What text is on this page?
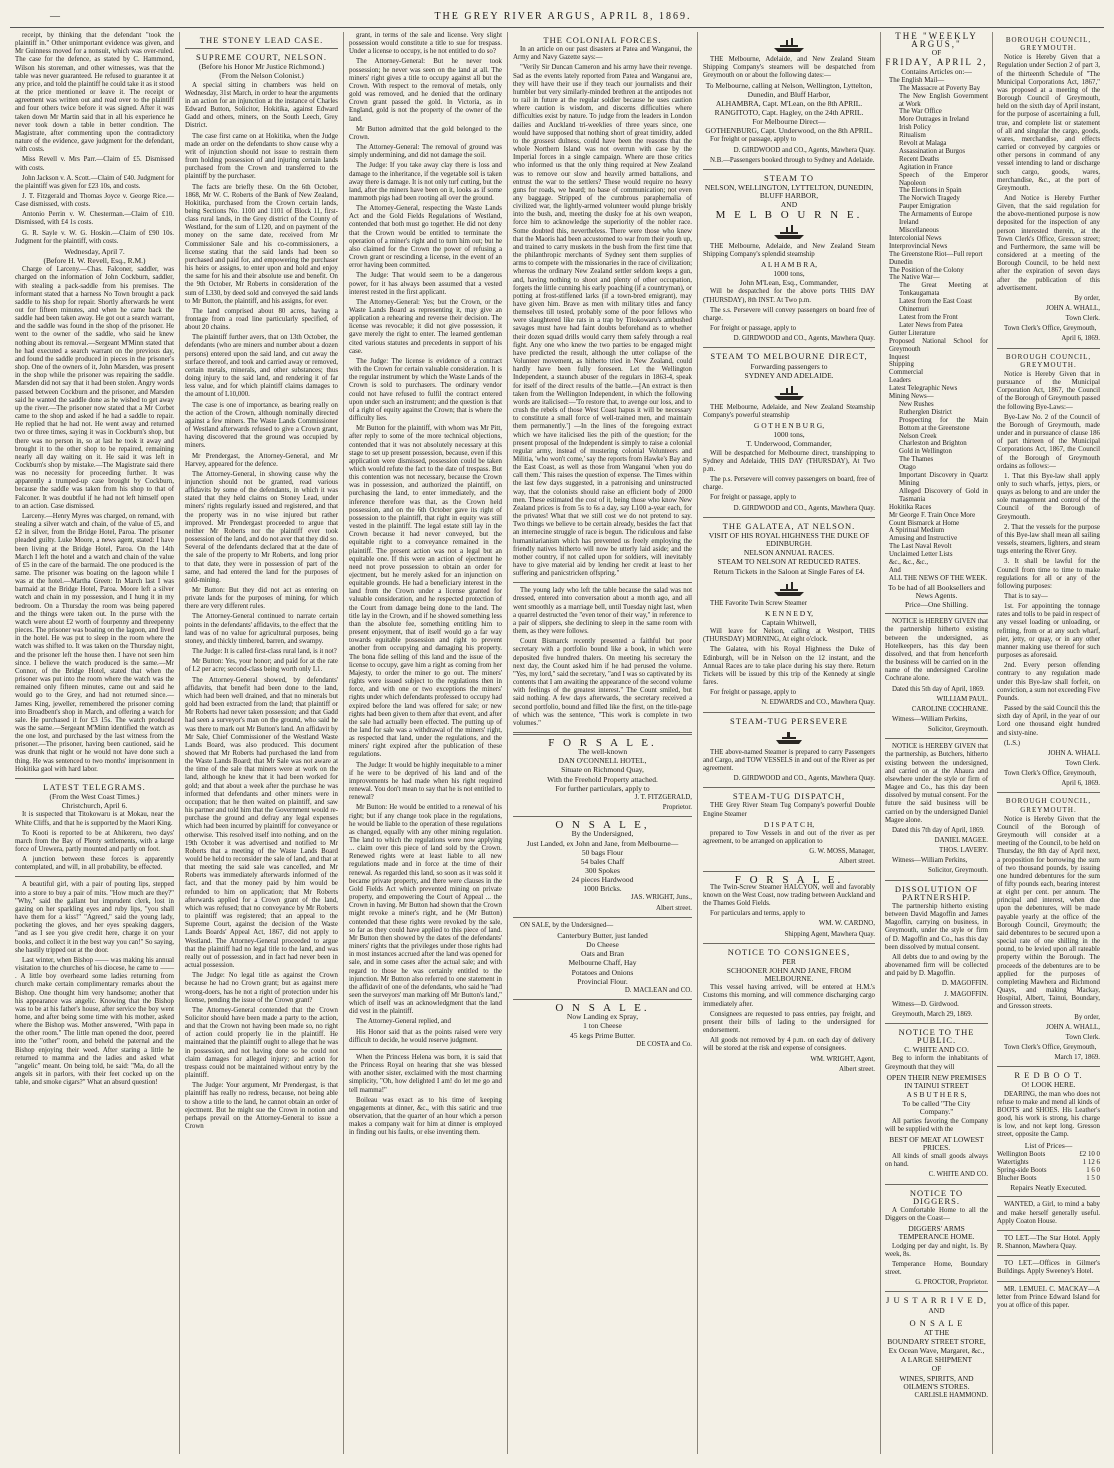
—	THE GREY RIVER ARGUS, APRIL 8, 1869.

receipt, by thinking that the defendant "took the plaintiff in." Other unimportant evidence was given, and Mr Guinness moved for a nonsuit, which was over-ruled. The case for the defence, as stated by C. Hammond, Wilson his storeman, and other witnesses, was that the table was never guaranteed. He refused to guarantee it at any price, and told the plaintiff he could take it as it stood at the price mentioned or leave it. The receipt or agreement was written out and read over to the plaintiff and four others twice before it was signed. After it was taken down Mr Martin said that in all his experience he never took down a table in better condition. The Magistrate, after commenting upon the contradictory nature of the evidence, gave judgment for the defendant, with costs.

Miss Revell v. Mrs Parr.—Claim of £5. Dismissed with costs.

John Jackson v. A. Scott.—Claim of £40. Judgment for the plaintiff was given for £23 10s, and costs.

J. T. Fitzgerald and Thomas Joyce v. George Rice.—Case dismissed, with costs.

Antonio Perrin v. W. Chesterman.—Claim of £10. Dismissed, with £4 1s costs.

G. R. Sayle v. W. G. Hoskin.—Claim of £90 10s. Judgment for the plaintiff, with costs.

Wednesday, April 7.
(Before H. W. Revell, Esq., R.M.)

Charge of Larceny.—Chas. Falconer, saddler, was charged on the information of John Cockburn, saddler, with stealing a pack-saddle from his premises. The informant stated that a harness No Town brought a pack saddle to his shop for repair. Shortly afterwards he went out for fifteen minutes, and when he came back the saddle had been taken away. He got out a search warrant, and the saddle was found in the shop of the prisoner. He went to the owner of the saddle, who said he knew nothing about its removal.—Sergeant M'Minn stated that he had executed a search warrant on the previous day, and found the saddle produced in pieces in the prisoner's shop. One of the owners of it, John Marsden, was present in the shop while the prisoner was repairing the saddle. Marsden did not say that it had been stolen. Angry words passed between Cockburn and the prisoner, and Marsden said he wanted the saddle done as he wished to get away up the river.—The prisoner now stated that a Mr Corbet came to the shop and asked if he had a saddle to repair. He replied that he had not. He went away and returned two or three times, saying it was in Cockburn's shop, but there was no person in, so at last he took it away and brought it to the other shop to be repaired, remaining nearly all day waiting on it. He said it was left in Cockburn's shop by mistake.—The Magistrate said there was no necessity for proceeding further. It was apparently a trumped-up case brought by Cockburn, because the saddle was taken from his shop to that of Falconer. It was doubtful if he had not left himself open to an action. Case dismissed.

Larceny.—Henry Myres was charged, on remand, with stealing a silver watch and chain, of the value of £5, and £2 in silver, from the Bridge Hotel, Paroa. The prisoner pleaded guilty. Luke Moore, a news agent, stated: I have been living at the Bridge Hotel, Paroa. On the 14th March I left the hotel and a watch and chain of the value of £5 in the care of the barmaid. The one produced is the same. The prisoner was boating on the lagoon while I was at the hotel.—Martha Green: In March last I was barmaid at the Bridge Hotel, Paroa. Moore left a silver watch and chain in my possession, and I hung it in my bedroom. On a Thursday the room was being papered and the things were taken out. In the purse with the watch were about £2 worth of fourpenny and threepenny pieces. The prisoner was boating on the lagoon, and lived in the hotel. He was put to sleep in the room where the watch was shifted to. It was taken on the Thursday night, and the prisoner left the house then. I have not seen him since. I believe the watch produced is the same.—Mr Connor, of the Bridge Hotel, stated that when the prisoner was put into the room where the watch was the remained only fifteen minutes, came out and said he would go to the Grey, and had not returned since.—James King, jeweller, remembered the prisoner coming into Broadbent's shop in March, and offering a watch for sale. He purchased it for £3 15s. The watch produced was the same.—Sergeant M'Minn identified the watch as the one lost, and purchased by the last witness from the prisoner.—The prisoner, having been cautioned, said he was drunk that night or he would not have done such a thing. He was sentenced to two months' imprisonment in Hokitika gaol with hard labor.

LATEST TELEGRAMS.
(From the West Coast Times.)
Christchurch, April 6.

It is suspected that Titokowaru is at Mokau, near the White Cliffs, and that he is supported by the Maori King.

To Kooti is reported to be at Ahikereru, two days' march from the Bay of Plenty settlements, with a large force of Urewera, partly mounted and partly on foot.

A junction between these forces is apparently contemplated, and will, in all probability, be effected.

A beautiful girl, with a pair of pouting lips, stepped into a store to buy a pair of mits. "How much are they?" "Why," said the gallant but imprudent clerk, lost in gazing on her sparkling eyes and ruby lips, "you shall have them for a kiss!" "Agreed," said the young lady, pocketing the gloves, and her eyes speaking daggers, "and as I see you give credit here, charge it on your books, and collect it in the best way you can!" So saying, she hastily tripped out at the door.

Last winter, when Bishop —— was making his annual visitation to the churches of his diocese, he came to —— . A little boy overheard some ladies returning from church make certain complimentary remarks about the Bishop. One thought him very handsome; another that his appearance was angelic. Knowing that the Bishop was to be at his father's house, after service the boy went home, and after being some time with his mother, asked where the Bishop was. Mother answered, "With papa in the other room." The little man opened the door, peered into the "other" room, and beheld the paternal and the Bishop enjoying their weed. After staring a little he returned to mamma and the ladies and asked what "angelic" meant. On being told, he said: "Ma, do all the angels sit in parlors, with their feet cocked up on the table, and smoke cigars?" What an absurd question!

THE STONEY LEAD CASE.
SUPREME COURT, NELSON.
(Before his Honor Mr Justice Richmond.)
(From the Nelson Colonist.)

A special sitting in chambers was held on Wednesday, 31st March, in order to hear the arguments in an action for an injunction at the instance of Charles Edward Button, Solicitor, Hokitika, against Edward Gadd and others, miners, on the South Leech, Grey District.

The case first came on at Hokitika, when the Judge made an order on the defendants to show cause why a writ of injunction should not issue to restrain them from holding possession of and injuring certain lands purchased from the Crown and transferred to the plaintiff by the purchaser.

The facts are briefly these. On the 6th October, 1868, Mr W. C. Roberts of the Bank of New Zealand, Hokitika, purchased from the Crown certain lands, being Sections No. 1100 and 1101 of Block 11, first-class rural lands, in the Grey district of the County of Westland, for the sum of L120, and on payment of the money on the same date, received from Mr Commissioner Sale and his co-commissioners, a license stating that the said lands had been so purchased and paid for, and empowering the purchaser his heirs or assigns, to enter upon and hold and enjoy the same for his and their absolute use and benefit. On the 9th October, Mr Roberts in consideration of the sum of L330, by deed sold and conveyed the said lands to Mr Button, the plaintiff, and his assigns, for ever.

The land comprised about 80 acres, having a frontage from a road line particularly specified, of about 20 chains.

The plaintiff further avers, that on 13th October, the defendants (who are miners and number about a dozen persons) entered upon the said land, and cut away the surface thereof, and took and carried away or removed, certain metals, minerals, and other substances; thus doing injury to the said land, and rendering it of far less value, and for which plaintiff claims damages to the amount of L10,000.

The case is one of importance, as bearing really on the action of the Crown, although nominally directed against a few miners. The Waste Lands Commissioner of Westland afterwards refused to give a Crown grant, having discovered that the ground was occupied by miners.

Mr Prendergast, the Attorney-General, and Mr Harvey, appeared for the defence.

The Attorney-General, in showing cause why the injunction should not be granted, read various affidavits by some of the defendants, in which it was stated that they held claims on Stoney Lead, under miners' rights regularly issued and registered, and that the property was in no wise injured but rather improved. Mr Prendergast proceeded to argue that neither Mr Roberts nor the plaintiff ever took possession of the land, and do not aver that they did so. Several of the defendants declared that at the date of the sale of the property to Mr Roberts, and long prior to that date, they were in possession of part of the same, and had entered the land for the purposes of gold-mining.

Mr Button: But they did not act as entering on private lands for the purposes of mining, for which there are very different rules.

The Attorney-General continued to narrate certain points in the defendants' affidavits, to the effect that the land was of no value for agricultural purposes, being stoney, and thickly timbered, barren, and swampy.

The Judge: It is called first-class rural land, is it not?

Mr Button: Yes, your honor; and paid for at the rate of L2 per acre; second-class being worth only L1.

The Attorney-General showed, by defendants' affidavits, that benefit had been done to the land, which had been well drained, and that no minerals but gold had been extracted from the land; that plaintiff or Mr Roberts had never taken possession; and that Gadd had seen a surveyor's man on the ground, who said he was there to mark out Mr Button's land. An affidavit by Mr Sale, Chief Commissioner of the Westland Waste Lands Board, was also produced. This document showed that Mr Roberts had purchased the land from the Waste Lands Board; that Mr Sale was not aware at the time of the sale that miners were at work on the land, although he knew that it had been worked for gold; and that about a week after the purchase he was informed that defendants and other miners were in occupation; that he then waited on plaintiff, and saw his partner and told him that the Government would re-purchase the ground and defray any legal expenses which had been incurred by plaintiff for conveyance or otherwise. This resolved itself into nothing, and on the 19th October it was advertised and notified to Mr Roberts that a meeting of the Waste Lands Board would be held to reconsider the sale of land, and that at that meeting the said sale was cancelled, and Mr Roberts was immediately afterwards informed of the fact, and that the money paid by him would be refunded to him on application; that Mr Roberts afterwards applied for a Crown grant of the land, which was refused; that no conveyance by Mr Roberts to plaintiff was registered; that an appeal to the Supreme Court, against the decision of the Waste Lands Boards' Appeal Act, 1867, did not apply to Westland. The Attorney-General proceeded to argue that the plaintiff had no legal title to the land, and was really out of possession, and in fact had never been in actual possession.

The Judge: No legal title as against the Crown because he had no Crown grant; but as against mere wrong-doers, has he not a right of protection under his license, pending the issue of the Crown grant?

The Attorney-General contended that the Crown Solicitor should have been made a party to the action, and that the Crown not having been made so, no right of action could properly lie in the plaintiff. He maintained that the plaintiff ought to allege that he was in possession, and not having done so he could not claim damages for alleged injury; and action for trespass could not be maintained without entry by the plaintiff.

The Judge: Your argument, Mr Prendergast, is that plaintiff has really no redress, because, not being able to show a title to the land, he cannot obtain an order of ejectment. But he might sue the Crown in notion and perhaps prevail on the Attorney-General to issue a Crown

grant, in terms of the sale and license. Very slight possession would constitute a title to sue for trespass. Under a license to occupy, is he not entitled to do so?

The Attorney-General: But he never took possession; he never was seen on the land at all. The miners' right gives a title to occupy against all but the Crown. With respect to the removal of metals, only gold was removed, and he denied that the ordinary Crown grant passed the gold. In Victoria, as in England, gold is not the property of the owner of the land.

Mr Button admitted that the gold belonged to the Crown.

The Attorney-General: The removal of ground was simply undermining, and did not damage the soil.

The Judge: If you take away clay there is loss and damage to the inheritance, if the vegetable soil is taken away there is damage. It is not only turf cutting, but the land, after the miners have been on it, looks as if some mammoth pigs had been rooting all over the ground.

The Attorney-General, respecting the Waste Lands Act and the Gold Fields Regulations of Westland, contended that both must go together. He did not deny that the Crown would be entitled to terminate the operation of a miner's right and to turn him out; but he also claimed for the Crown the power of refusing a Crown grant or rescinding a license, in the event of an error having been committed.

The Judge: That would seem to be a dangerous power, for it has always been assumed that a vested interest rested in the first applicant.

The Attorney-General: Yes; but the Crown, or the Waste Lands Board as representing it, may give an application a rehearing and reverse their decision. The license was revocable; it did not give possession, it gave merely the right to enter. The learned gentleman cited various statutes and precedents in support of his case.

The Judge: The license is evidence of a contract with the Crown for certain valuable consideration. It is the regular instrument by which the Waste Lands of the Crown is sold to purchasers. The ordinary vendor could not have refused to fulfil the contract entered upon under such an instrument; and the question is that of a right of equity against the Crown; that is where the difficulty lies.

Mr Button for the plaintiff, with whom was Mr Pitt, after reply to some of the more technical objections, contended that it was not absolutely necessary at this stage to set up present possession, because, even if this application were dismissed, possession could be taken which would refute the fact to the date of trespass. But this contention was not necessary, because the Crown was in possession, and authorized the plaintiff, on purchasing the land, to enter immediately, and the inference therefore was that, as the Crown held possession, and on the 6th October gave its right of possession to the plaintiff, that right in equity was still vested in the plaintiff. The legal estate still lay in the Crown because it had never conveyed, but the equitable right to a conveyance remained in the plaintiff. The present action was not a legal but an equitable one. If this were an action of ejectment he need not prove possession to obtain an order for ejectment, but he merely asked for an injunction on equitable grounds. He had a beneficiary interest in the land from the Crown under a license granted for valuable consideration, and he respected protection of the Court from damage being done to the land. The title lay in the Crown, and if he showed something less than the absolute fee, something entitling him to present enjoyment, that of itself would go a far way towards equitable possession and right to prevent another from occupying and damaging his property. The bona fide selling of this land and the issue of the license to occupy, gave him a right as coming from her Majesty, to order the miner to go out. The miners' rights were issued subject to the regulations then in force, and with one or two exceptions the miners' rights under which defendants professed to occupy had expired before the land was offered for sale; or new rights had been given to them after that event, and after the sale had actually been effected. The putting up of the land for sale was a withdrawal of the miners' right, as respected that land, under the regulations, and the miners' right expired after the publication of these regulations.

The Judge: It would be highly inequitable to a miner if he were to be deprived of his land and of the improvements he had made when his right required renewal. You don't mean to say that he is not entitled to renewal?

Mr Button: He would be entitled to a renewal of his right; but if any change took place in the regulations, he would be liable to the operation of these regulations as changed, equally with any other mining regulation. The land to which the regulations were now applying ... claim over this piece of land sold by the Crown. Renewed rights were at least liable to all new regulations made and in force at the time of their renewal. As regarded this land, so soon as it was sold it became private property, and there were clauses in the Gold Fields Act which prevented mining on private property, and empowering the Court of Appeal ... the Crown in having. Mr Button had shown that the Crown might revoke a miner's right, and he (Mr Button) contended that these rights were revoked by the sale, so far as they could have applied to this piece of land. Mr Button then showed by the dates of the defendants' miners' rights that the privileges under those rights had in most instances accrued after the land was opened for sale, and in some cases after the actual sale; and with regard to those he was certainly entitled to the injunction. Mr Button also referred to one statement in the affidavit of one of the defendants, who said he "had seen the surveyors' man marking off Mr Button's land," which of itself was an acknowledgment that the land did vest in the plaintiff.

The Attorney-General replied, and

His Honor said that as the points raised were very difficult to decide, he would reserve judgment.

When the Princess Helena was born, it is said that the Princess Royal on hearing that she was blessed with another sister, exclaimed with the most charming simplicity, "Oh, how delighted I am! do let me go and tell mamma!"

Boileau was exact as to his time of keeping engagements at dinner, &c., with this satiric and true observation, that the quarter of an hour which a person makes a company wait for him at dinner is employed in finding out his faults, or else inventing them.

THE COLONIAL FORCES.

In an article on our past disasters at Patea and Wanganui, the Army and Navy Gazette says:—

"Verily Sir Duncan Cameron and his army have their revenge. Sad as the events lately reported from Patea and Wanganui are, they will have their use if they teach our journalists and their humbler but very similarly-minded brethren at the antipodes not to rail in future at the regular soldier because he uses caution where caution is wisdom, and discerns difficulties where difficulties exist by nature. To judge from the leaders in London dailies and Auckland tri-weeklies of three years since, one would have supposed that nothing short of great timidity, added to the grossest dulness, could have been the reasons that the whole Northern Island was not overrun with case by the Imperial forces in a single campaign. Where are those critics who informed us that the only thing required at New Zealand was to remove our slow and heavily armed battalions, and entrust the war to the settlers? These would require no heavy guns for roads, we heard; no base of communication; not even any baggage. Stripped of the cumbrous paraphernalia of civilized war, the lightly-armed volunteer would plunge briskly into the bush, and, meeting the dusky foe at his own weapon, force him to acknowledge the superiority of the nobler race. Some doubted this, nevertheless. There were those who knew that the Maoris had been accustomed to war from their youth up, and trained to carry muskets in the bush from the first time that the philanthropic merchants of Sydney sent them supplies of arms to compete with the missionaries in the race of civilization; whereas the ordinary New Zealand settler seldom keeps a gun, and, having nothing to shoot and plenty of other occupation, forgets the little cunning his early poaching (if a countryman), or potting at frost-stiffened larks (if a town-bred emigrant), may have given him. Brave as men with military titles and fancy themselves till tested, probably some of the poor fellows who were slaughtered like rats in a trap by Titokowaru's ambushed savages must have had faint doubts beforehand as to whether their dozen squad drills would carry them safely through a real fight. Any one who knew the two parties to be engaged might have predicted the result, although the utter collapse of the Volunteer movement, as hitherto tried in New Zealand, could hardly have been fully foreseen. Let the Wellington Independent, a staunch abuser of the regulars in 1863-4, speak for itself of the direct results of the battle.—[An extract is then taken from the Wellington Independent, in which the following words are italicised:—'To restore that, to avenge our loss, and to crush the rebels of those West Coast hapus it will be necessary to constitute a small force of well-trained men, and maintain them permanently.'] —In the lines of the foregoing extract which we have italicised lies the pith of the question; for the present proposal of the Independent is simply to raise a colonial regular army, instead of mustering colonial Volunteers and Militia, 'who won't come,' say the reports from Hawke's Bay and the East Coast, as well as those from Wanganui 'when you do call them.' This raises the question of expense. The Times within the last few days suggested, in a patronising and uninstructed way, that the colonists should raise an efficient body of 2000 men. These estimated the cost of it, being those who know New Zealand prices is from 5s to 6s a day, say L100 a-year each, for the privates! What that we still cost we do not pretend to say. Two things we believe to be certain already, besides the fact that an internecine struggle of race is begun. The ridiculous and false humanitarianism which has prevented us freely employing the friendly natives hitherto will now be utterly laid aside; and the mother country, if not called upon for soldiers, will inevitably have to give material aid by lending her credit at least to her suffering and panicstricken offspring."

The young lady who left the table because the salad was not dressed, entered into conversation about a month ago, and all went smoothly as a marriage bell, until Tuesday night last, when a quarrel destructed the "even tenor of their way," in reference to a pair of slippers, she declining to sleep in the same room with them, as they were follows.

Count Bismarck recently presented a faithful but poor secretary with a portfolio bound like a book, in which were deposited five hundred thalers. On meeting his secretary the next day, the Count asked him if he had perused the volume. "Yes, my lord," said the secretary, "and I was so captivated by its contents that I am awaiting the appearance of the second volume with feelings of the greatest interest." The Count smiled, but said nothing. A few days afterwards, the secretary received a second portfolio, bound and filled like the first, on the title-page of which was the sentence, "This work is complete in two volumes."

F O R S A L E.
The well-known
DAN O'CONNELL HOTEL,
Situate on Richmond Quay,
With the Freehold Property attached.
For further particulars, apply to

J. T. FITZGERALD,

Proprietor.

O N S A L E,
By the Undersigned,
Just Landed, ex John and Jane, from Melbourne—
50 bags Flour
54 bales Chaff
300 Spokes
24 pieces Hardwood
1000 Bricks.

JAS. WRIGHT, Juns.,

Albert street.

ON SALE, by the Undersigned—

Canterbury Butter, just landed
Do Cheese
Oats and Bran
Melbourne Chaff, Hay
Potatoes and Onions
Provincial Flour.

D. MACLEAN and CO.

O N S A L E.
Now Landing ex Spray,
1 ton Cheese
45 kegs Prime Butter.

DE COSTA and Co.

THE Melbourne, Adelaide, and New Zealand Steam Shipping Company's steamers will be despatched from Greymouth on or about the following dates:—

To Melbourne, calling at Nelson, Wellington, Lyttelton, Dunedin, and Bluff Harbor,
ALHAMBRA, Capt. M'Lean, on the 8th APRIL.
RANGITOTO, Capt. Hagley, on the 24th APRIL.
For Melbourne Direct—
GOTHENBURG, Capt. Underwood, on the 8th APRIL.

For freight or passage, apply to

D. GIRDWOOD and CO., Agents, Mawhera Quay.

N.B.—Passengers booked through to Sydney and Adelaide.

STEAM TO
NELSON, WELLINGTON, LYTTELTON, DUNEDIN, BLUFF HARBOR,
AND
M E L B O U R N E.

THE Melbourne, Adelaide, and New Zealand Steam Shipping Company's splendid steamship

A L H A M B R A,
1000 tons,
John M'Lean, Esq., Commander,

Will be despatched for the above ports THIS DAY (THURSDAY), 8th INST. At Two p.m.

The s.s. Persevere will convey passengers on board free of charge.

For freight or passage, apply to

D. GIRDWOOD and CO., Agents, Mawhera Quay.

STEAM TO MELBOURNE DIRECT,
Forwarding passengers to
SYDNEY AND ADELAIDE.

THE Melbourne, Adelaide, and New Zealand Steamship Company's powerful steamship

G O T H E N B U R G,
1000 tons,
T. Underwood, Commander,

Will be despatched for Melbourne direct, transhipping to Sydney and Adelaide, THIS DAY (THURSDAY), At Two p.m.

The p.s. Persevere will convey passengers on board, free of charge.

For freight or passage, apply to

D. GIRDWOOD and CO., Agents, Mawhera Quay.

THE GALATEA, AT NELSON.
VISIT OF HIS ROYAL HIGHNESS THE DUKE OF EDINBURGH.
NELSON ANNUAL RACES.
STEAM TO NELSON AT REDUCED RATES.
Return Tickets in the Saloon at Single Fares of £4.

THE Favorite Twin Screw Steamer

K E N N E D Y,
Captain Whitwell,

Will leave for Nelson, calling at Westport, THIS (THURSDAY) MORNING, At eight o'clock.

The Galatea, with his Royal Highness the Duke of Edinburgh, will be in Nelson on the 12 instant, and the Annual Races are to take place during his stay there. Return Tickets will be issued by this trip of the Kennedy at single fares.

For freight or passage, apply to

N. EDWARDS and CO., Mawhera Quay.

STEAM-TUG PERSEVERE

THE above-named Steamer is prepared to carry Passengers and Cargo, and TOW VESSELS in and out of the River as per agreement.

D. GIRDWOOD and CO., Agents, Mawhera Quay.

STEAM-TUG DISPATCH,

THE Grey River Steam Tug Company's powerful Double Engine Steamer

D I S P A T C H,

prepared to Tow Vessels in and out of the river as per agreement, to be arranged on application to

G. W. MOSS, Manager,

Albert street.

F O R S A L E.

The Twin-Screw Steamer HALCYON, well and favorably known on the West Coast, now trading between Auckland and the Thames Gold Fields.

For particulars and terms, apply to

WM. W. CARDNO,

Shipping Agent, Mawhera Quay.

NOTICE TO CONSIGNEES,
PER
SCHOONER JOHN AND JANE, FROM MELBOURNE.

This vessel having arrived, will be entered at H.M.'s Customs this morning, and will commence discharging cargo immediately after.

Consignees are requested to pass entries, pay freight, and present their bills of lading to the undersigned for endorsement.

All goods not removed by 4 p.m. on each day of delivery will be stored at the risk and expense of consignees.

WM. WRIGHT, Agent,

Albert street.

THE "WEEKLY ARGUS,"
OF
FRIDAY, APRIL 2,
Contains Articles on:—
The English Mail—
The Massacre at Poverty Bay
The New English Government at Work
The War Office
More Outrages in Ireland
Irish Policy
Ritualism
Revolt at Malaga
Assassination at Burgos
Recent Deaths
Agitation in France
Speech of the Emperor Napoleon
The Elections in Spain
The Norwich Tragedy
Pauper Emigration
The Armaments of Europe
Ireland
Miscellaneous
Intercolonial News
Interprovincial News
The Greenstone Riot—Full report
Dunedin
The Position of the Colony
The Native War—
The Great Meeting at Tonkaugamata
Latest from the East Coast
Ohinemuri
Latest from the Front
Later News from Patea
Gutter Literature
Proposed National School for Greymouth
Inquest
Shipping
Commercial
Leaders
Latest Telegraphic News
Mining News—
New Rushes
Rutherglen District
Prospecting for the Main Bottom at the Greenstone
Nelson Creek
Charleston and Brighton
Gold in Wellington
The Thames
Otago
Important Discovery in Quartz Mining
Alleged Discovery of Gold in Tasmania
Hokitika Races
Mr George F. Train Once More
Count Bismarck at Home
A Spiritual Medium
Amusing and Instructive
The Last Naval Revolt
Unclaimed Letter Lists
&c., &c., &c.,
And
ALL THE NEWS OF THE WEEK.
To be had of all Booksellers and News Agents.
Price—One Shilling.

NOTICE is HEREBY GIVEN that the partnership hitherto existing between the undersigned, as Hotelkeepers, has this day been dissolved, and that from henceforth the business will be carried on in the name of the undersigned Caroline Cochrane alone.

Dated this 5th day of April, 1869.

WILLIAM PAUL.

CAROLINE COCHRANE.

Witness—William Perkins,

Solicitor, Greymouth.

NOTICE is HEREBY GIVEN that the partnership, as Butchers, hitherto existing between the undersigned, and carried on at the Ahaura and elsewhere under the style or firm of Magee and Co., has this day been dissolved by mutual consent. For the future the said business will be carried on by the undersigned Daniel Magee alone.

Dated this 7th day of April, 1869.

DANIEL MAGEE.

THOS. LAVERY.

Witness—William Perkins,

Solicitor, Greymouth.

DISSOLUTION OF PARTNERSHIP.

The partnership hitherto existing between David Magoffin and James Magoffin, carrying on business, in Greymouth, under the style or firm of D. Magoffin and Co., has this day been dissolved by mutual consent.

All debts due to and owing by the abovenamed firm will be collected and paid by D. Magoffin.

D. MAGOFFIN.

J. MAGOFFIN.

Witness—D. Girdwood.

Greymouth, March 29, 1869.

NOTICE TO THE PUBLIC.
C. WHITE AND CO.

Beg to inform the inhabitants of Greymouth that they will

OPEN THEIR NEW PREMISES IN TAINUI STREET
A S B U T H E R S,
To be called "The City Company."

All parties favoring the Company will be supplied with the

BEST OF MEAT AT LOWEST PRICES.

All kinds of small goods always on hand.

C. WHITE AND CO.

NOTICE TO DIGGERS.

A Comfortable Home to all the Diggers on the Coast—

DIGGERS' ARMS TEMPERANCE HOME.

Lodging per day and night, 1s. By week, 8s.

Temperance Home, Boundary street.

G. PROCTOR, Proprietor.

J U S T A R R I V E D,
AND
O N S A L E
AT THE
BOUNDARY STREET STORE,
Ex Ocean Wave, Margaret, &c.,
A LARGE SHIPMENT
OF
WINES, SPIRITS, AND OILMEN'S STORES.

CARLISLE HAMMOND.

BOROUGH COUNCIL, GREYMOUTH.

Notice is Hereby Given that a Regulation under Section 2 of part 3, of the thirteenth Schedule of "The Municipal Corporations Act, 1867," was proposed at a meeting of the Borough Council of Greymouth, held on the sixth day of April instant, for the purpose of ascertaining a full, true, and complete list or statement of all and singular the cargo, goods, wares, merchandise, and effects carried or conveyed by cargoies or other persons in command of any vessel intending to land or discharge such cargo, goods, wares, merchandise, &c., at the port of Greymouth.

And Notice is Hereby Further Given, that the said regulation for the above-mentioned purpose is now deposited for the inspection of any person interested therein, at the Town Clerk's Office, Gresson street; and Furthermore, the same will be considered at a meeting of the Borough Council, to be held next after the expiration of seven days after the publication of this advertisement.

By order,

JOHN A. WHALL,

Town Clerk.

Town Clerk's Office, Greymouth,

April 6, 1869.

BOROUGH COUNCIL, GREYMOUTH.

Notice is Hereby Given that in pursuance of the Municipal Corporation Act, 1867, the Council of the Borough of Greymouth passed the following Bye-Laws:—

Bye-Law No. 2 of the Council of the Borough of Greymouth, made under and in pursuance of clause 186 of part thirteen of the Municipal Corporations Act, 1867, the Council of the Borough of Greymouth ordains as follows:—

1. That this Bye-law shall apply only to such wharfs, jettys, piers, or quays as belong to and are under the sole management and control of the Council of the Borough of Greymouth.

2. That the vessels for the purpose of this Bye-law shall mean all sailing vessels, steamers, lighters, and steam tugs entering the River Grey.

3. It shall be lawful for the Council from time to time to make regulations for all or any of the following purposes:

That is to say—

1st. For appointing the tonnage rates and tolls to be paid in respect of any vessel loading or unloading, or refitting, from or at any such wharf, pier, jetty, or quay, or in any other manner making use thereof for such purposes as aforesaid.

2nd. Every person offending contrary to any regulation made under this Bye-law shall forfeit, on conviction, a sum not exceeding Five Pounds.

Passed by the said Council this the sixth day of April, in the year of our Lord one thousand eight hundred and sixty-nine.

(L.S.)

JOHN A. WHALL

Town Clerk.

Town Clerk's Office, Greymouth,

April 6, 1869.

BOROUGH COUNCIL, GREYMOUTH.

Notice is Hereby Given that the Council of the Borough of Greymouth will consider at a meeting of the Council, to be held on Thursday, the 8th day of April next, a proposition for borrowing the sum of two thousand pounds, by issuing one hundred debentures for the sum of fifty pounds each, bearing interest at eight per cent. per annum. The principal and interest, when due upon the debentures, will be made payable yearly at the office of the Borough Council, Greymouth; the said debentures to be secured upon a special rate of one shilling in the pound, to be levied upon all rateable property within the Borough. The proceeds of the debentures are to be applied for the purposes of completing Mawhera and Richmond Quays, and making Mackay, Hospital, Albert, Tainui, Boundary, and Gresson streets.

By order,

JOHN A. WHALL,

Town Clerk.

Town Clerk's Office, Greymouth,

March 17, 1869.

R E D B O O T.
O! LOOK HERE.

DEARING, the man who does not refuse to make and mend all kinds of BOOTS and SHOES. His Leather's good, his work is strong, his charge is low, and not kept long. Gresson street, opposite the Camp.

List of Prices—
Wellington Boots	£2 10 0
Watertights	1 12 6
Spring-side Boots	1 6 0
Blucher Boots	1 5 0
Repairs Neatly Executed.

WANTED, a Girl, to mind a baby and make herself generally useful. Apply Coaton House.

TO LET.—The Star Hotel. Apply R. Shannon, Mawhera Quay.

TO LET.—Offices in Gilmer's Buildings. Apply Sweeney's Hotel.

MR. LEMUEL C. MACKAY—A letter from Prince Edward Island for you at office of this paper.
